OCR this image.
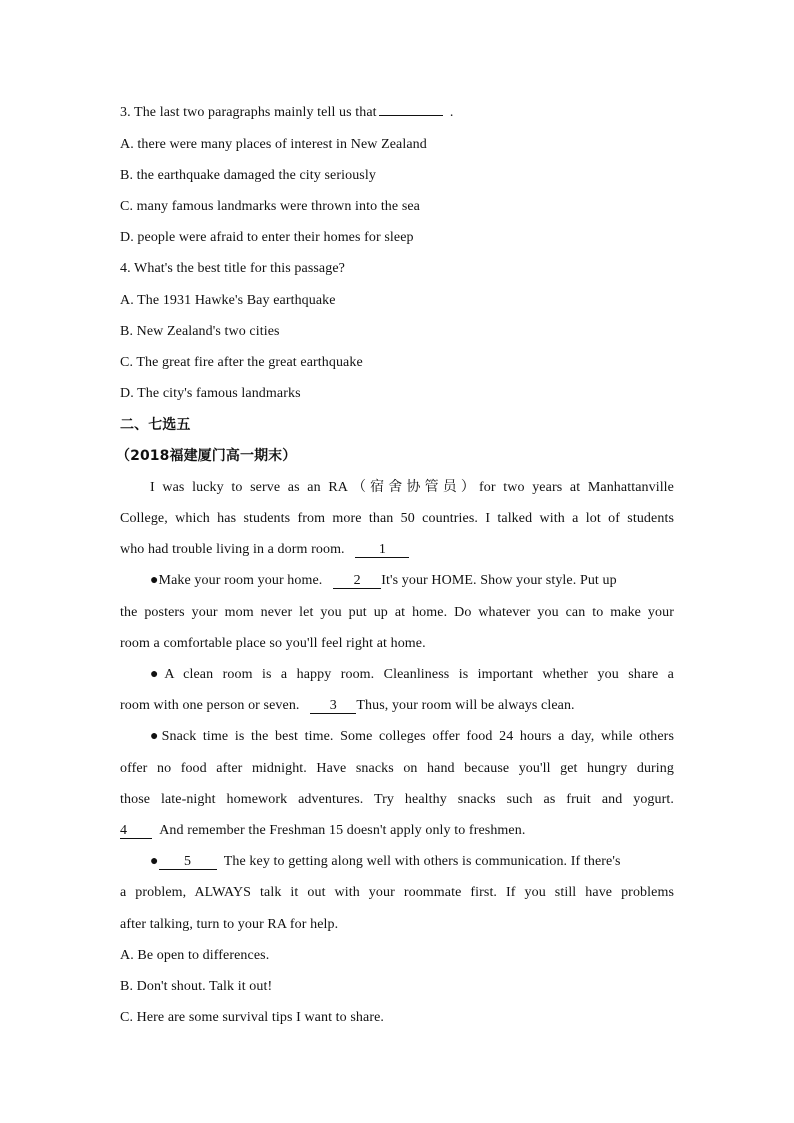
3. The last two paragraphs mainly tell us that	.
A. there were many places of interest in New Zealand
B. the earthquake damaged the city seriously
C. many famous landmarks were thrown into the sea
D. people were afraid to enter their homes for sleep
4. What's the best title for this passage?
A. The 1931 Hawke's Bay earthquake
B. New Zealand's two cities
C. The great fire after the great earthquake
D. The city's famous landmarks
二、七选五
（2018福建厦门高一期末）
I was lucky to serve as an RA（宿舍协管员）for two years at Manhattanville
College, which has students from more than 50 countries. I talked with a lot of students
who had trouble living in a dorm room. 1
●Make your room your home. 2 It's your HOME. Show your style. Put up
the posters your mom never let you put up at home. Do whatever you can to make your
room a comfortable place so you'll feel right at home.
●A clean room is a happy room. Cleanliness is important whether you share a
room with one person or seven. 3 Thus, your room will be always clean.
●Snack time is the best time. Some colleges offer food 24 hours a day, while others
offer no food after midnight. Have snacks on hand because you'll get hungry during
those late-night homework adventures. Try healthy snacks such as fruit and yogurt.
4 And remember the Freshman 15 doesn't apply only to freshmen.
● 5 The key to getting along well with others is communication. If there's
a problem, ALWAYS talk it out with your roommate first. If you still have problems
after talking, turn to your RA for help.
A. Be open to differences.
B. Don't shout. Talk it out!
C. Here are some survival tips I want to share.
